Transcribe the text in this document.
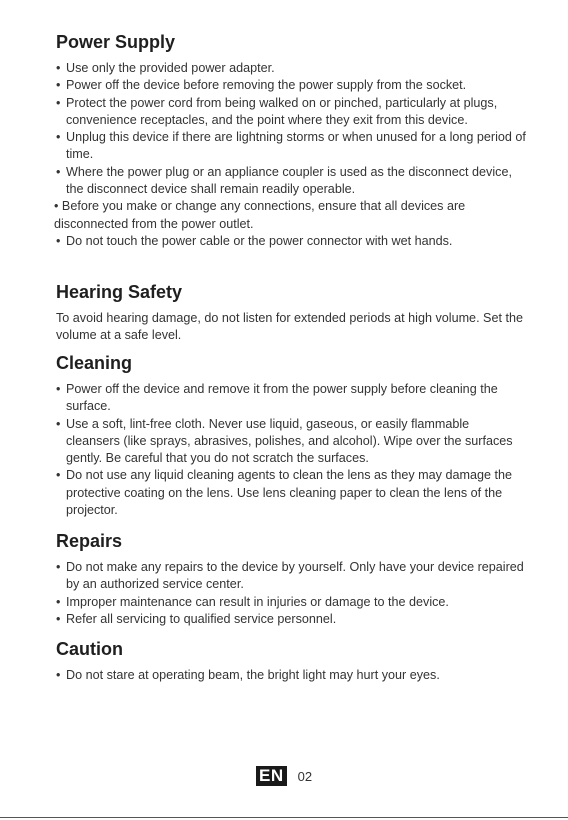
Power Supply
• Use only the provided power adapter.
• Power off the device before removing the power supply from the socket.
• Protect the power cord from being walked on or pinched, particularly at plugs, convenience receptacles, and the point where they exit from this device.
• Unplug this device if there are lightning storms or when unused for a long period of time.
• Where the power plug or an appliance coupler is used as the disconnect device, the disconnect device shall remain readily operable.
• Before you make or change any connections, ensure that all devices are disconnected from the power outlet.
• Do not touch the power cable or the power connector with wet hands.
Hearing Safety

To avoid hearing damage, do not listen for extended periods at high volume. Set the volume at a safe level.

Cleaning
• Power off the device and remove it from the power supply before cleaning the surface.
• Use a soft, lint-free cloth. Never use liquid, gaseous, or easily flammable cleansers (like sprays, abrasives, polishes, and alcohol). Wipe over the surfaces gently. Be careful that you do not scratch the surfaces.
• Do not use any liquid cleaning agents to clean the lens as they may damage the protective coating on the lens. Use lens cleaning paper to clean the lens of the projector.
Repairs
• Do not make any repairs to the device by yourself. Only have your device repaired by an authorized service center.
• Improper maintenance can result in injuries or damage to the device.
• Refer all servicing to qualified service personnel.
Caution
• Do not stare at operating beam, the bright light may hurt your eyes.
EN 02
